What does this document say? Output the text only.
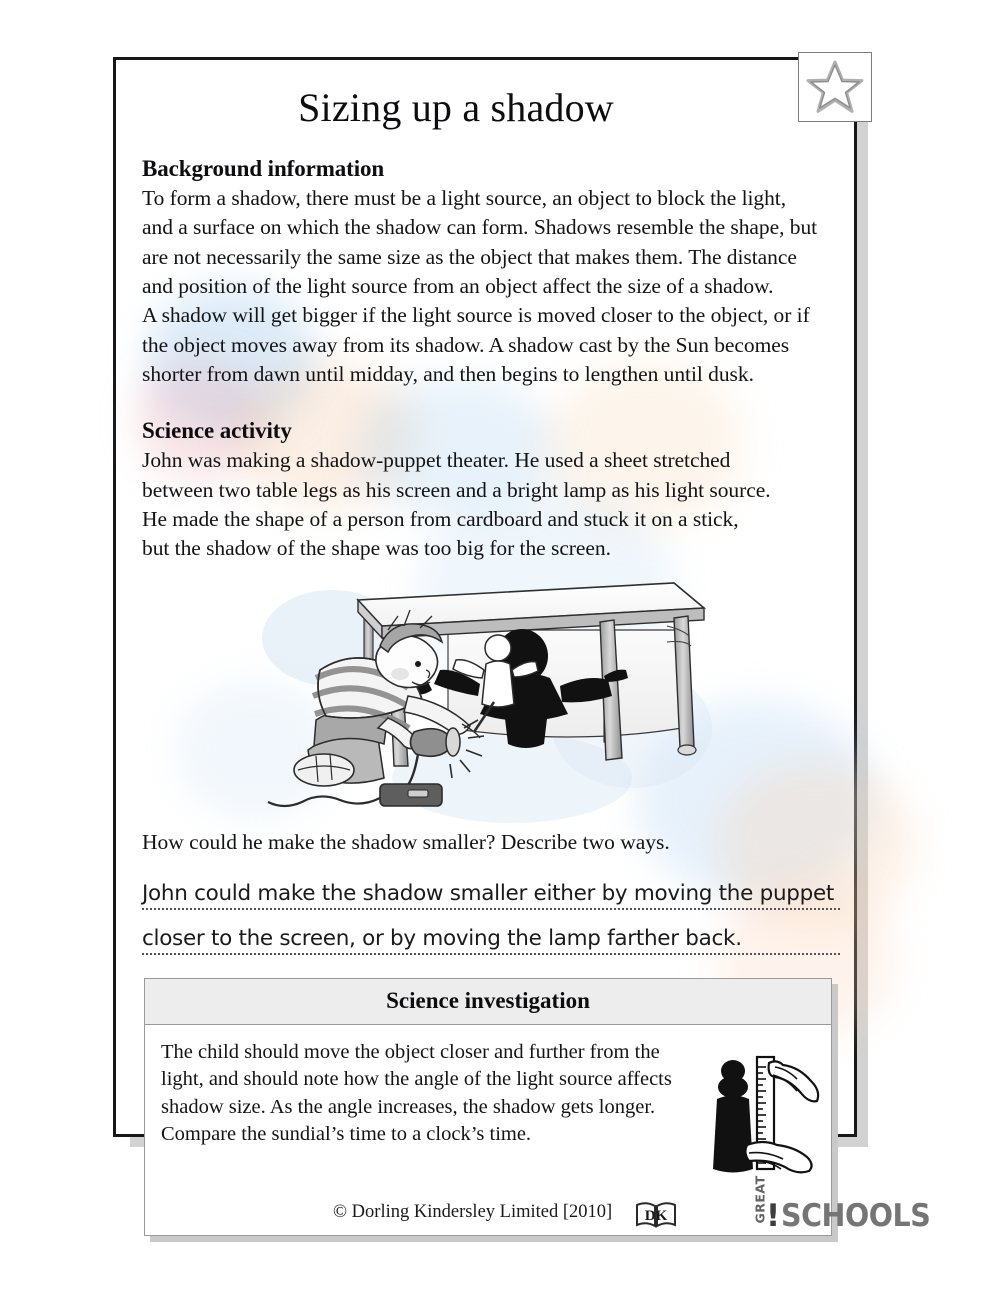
Sizing up a shadow
Background information

To form a shadow, there must be a light source, an object to block the light,
and a surface on which the shadow can form. Shadows resemble the shape, but
are not necessarily the same size as the object that makes them. The distance
and position of the light source from an object affect the size of a shadow.
A shadow will get bigger if the light source is moved closer to the object, or if
the object moves away from its shadow. A shadow cast by the Sun becomes
shorter from dawn until midday, and then begins to lengthen until dusk.

Science activity

John was making a shadow-puppet theater. He used a sheet stretched
between two table legs as his screen and a bright lamp as his light source.
He made the shape of a person from cardboard and stuck it on a stick,
but the shadow of the shape was too big for the screen.

How could he make the shadow smaller? Describe two ways.

John could make the shadow smaller either by moving the puppet
closer to the screen, or by moving the lamp farther back.
Science investigation

The child should move the object closer and further from the
light, and should note how the angle of the light source affects
shadow size. As the angle increases, the shadow gets longer.
Compare the sundial’s time to a clock’s time.

© Dorling Kindersley Limited [2010] DK	GREAT
! SCHOOLS
